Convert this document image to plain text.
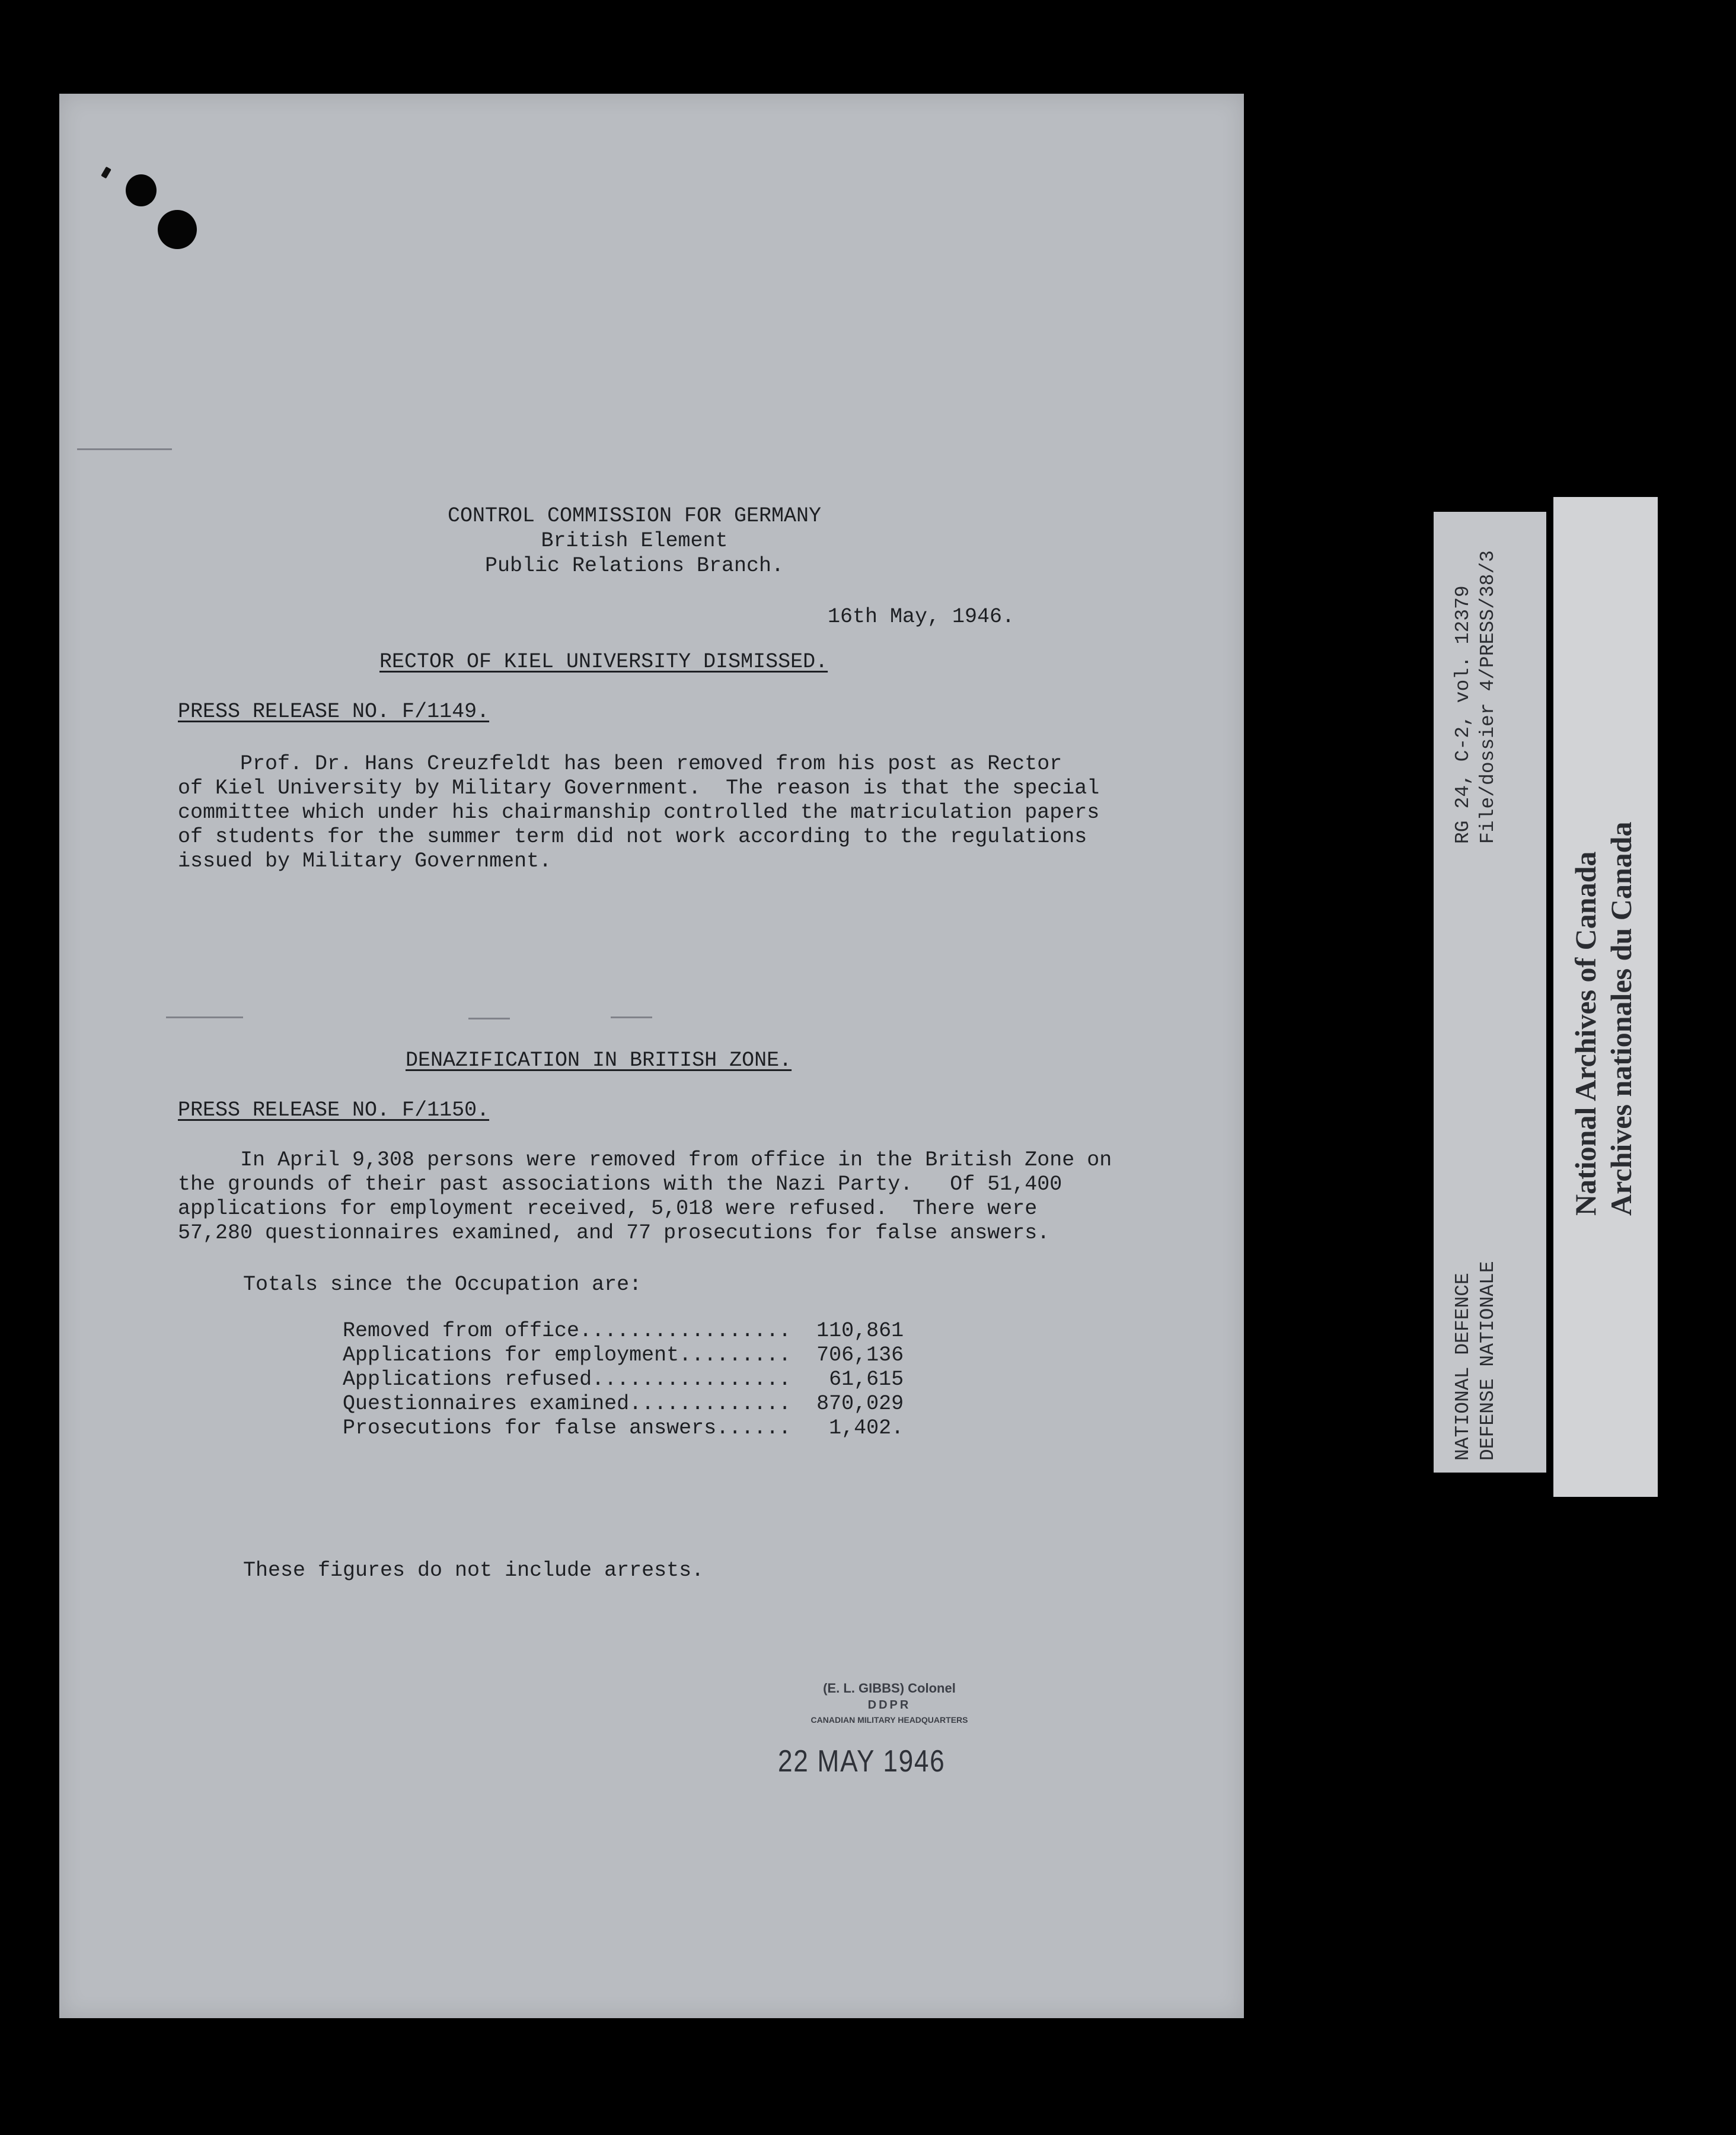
CONTROL COMMISSION FOR GERMANY

British Element

Public Relations Branch.

16th May, 1946.

RECTOR OF KIEL UNIVERSITY DISMISSED.

PRESS RELEASE NO. F/1149.

Prof. Dr. Hans Creuzfeldt has been removed from his post as Rector
of Kiel University by Military Government.  The reason is that the special
committee which under his chairmanship controlled the matriculation papers
of students for the summer term did not work according to the regulations
issued by Military Government.

DENAZIFICATION IN BRITISH ZONE.

PRESS RELEASE NO. F/1150.

In April 9,308 persons were removed from office in the British Zone on
the grounds of their past associations with the Nazi Party.   Of 51,400
applications for employment received, 5,018 were refused.  There were
57,280 questionnaires examined, and 77 prosecutions for false answers.

Totals since the Occupation are:

Removed from office.................	110,861
Applications for employment.........	706,136
Applications refused................	61,615
Questionnaires examined.............	870,029
Prosecutions for false answers......	1,402.

These figures do not include arrests.

(E. L. GIBBS) Colonel
DDPR
CANADIAN MILITARY HEADQUARTERS
22 MAY 1946
RG 24, C-2, vol. 12379 File/dossier 4/PRESS/38/3
NATIONAL DEFENCE DEFENSE NATIONALE
National Archives of Canada Archives nationales du Canada
